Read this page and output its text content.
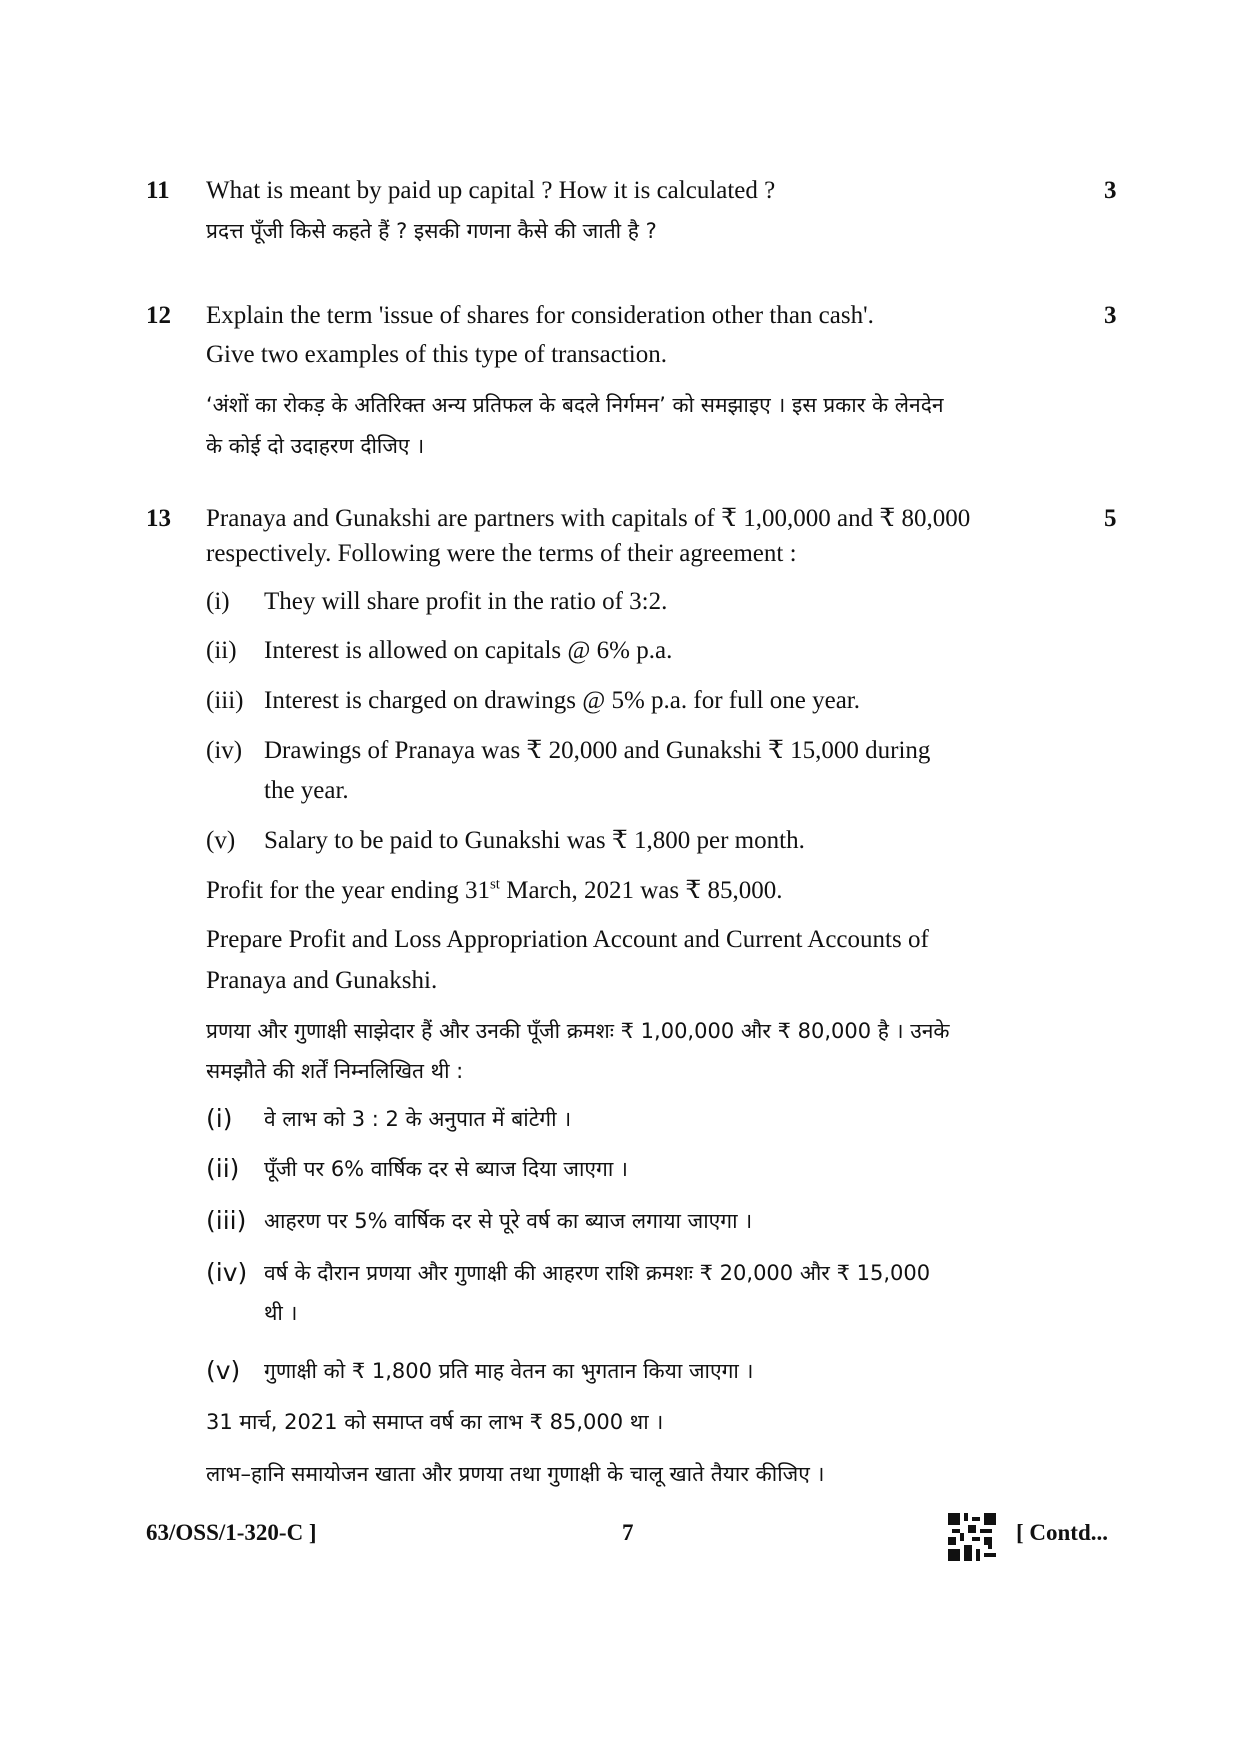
11	3
What is meant by paid up capital ? How it is calculated ?
प्रदत्त पूँजी किसे कहते हैं ? इसकी गणना कैसे की जाती है ?
12	3
Explain the term 'issue of shares for consideration other than cash'.
Give two examples of this type of transaction.
‘अंशों का रोकड़ के अतिरिक्त अन्य प्रतिफल के बदले निर्गमन’ को समझाइए । इस प्रकार के लेनदेन
के कोई दो उदाहरण दीजिए ।
13	5
Pranaya and Gunakshi are partners with capitals of ₹ 1,00,000 and ₹ 80,000
respectively. Following were the terms of their agreement :
(i) They will share profit in the ratio of 3:2.
(ii) Interest is allowed on capitals @ 6% p.a.
(iii) Interest is charged on drawings @ 5% p.a. for full one year.
(iv) Drawings of Pranaya was ₹ 20,000 and Gunakshi ₹ 15,000 during
the year.
(v) Salary to be paid to Gunakshi was ₹ 1,800 per month.
Profit for the year ending 31st March, 2021 was ₹ 85,000.
Prepare Profit and Loss Appropriation Account and Current Accounts of
Pranaya and Gunakshi.
प्रणया और गुणाक्षी साझेदार हैं और उनकी पूँजी क्रमशः ₹ 1,00,000 और ₹ 80,000 है । उनके
समझौते की शर्तें निम्नलिखित थी :
(i) वे लाभ को 3 : 2 के अनुपात में बांटेगी ।
(ii) पूँजी पर 6% वार्षिक दर से ब्याज दिया जाएगा ।
(iii) आहरण पर 5% वार्षिक दर से पूरे वर्ष का ब्याज लगाया जाएगा ।
(iv) वर्ष के दौरान प्रणया और गुणाक्षी की आहरण राशि क्रमशः ₹ 20,000 और ₹ 15,000
थी ।
(v) गुणाक्षी को ₹ 1,800 प्रति माह वेतन का भुगतान किया जाएगा ।
31 मार्च, 2021 को समाप्त वर्ष का लाभ ₹ 85,000 था ।
लाभ–हानि समायोजन खाता और प्रणया तथा गुणाक्षी के चालू खाते तैयार कीजिए ।
63/OSS/1-320-C ]	7	[ Contd...
